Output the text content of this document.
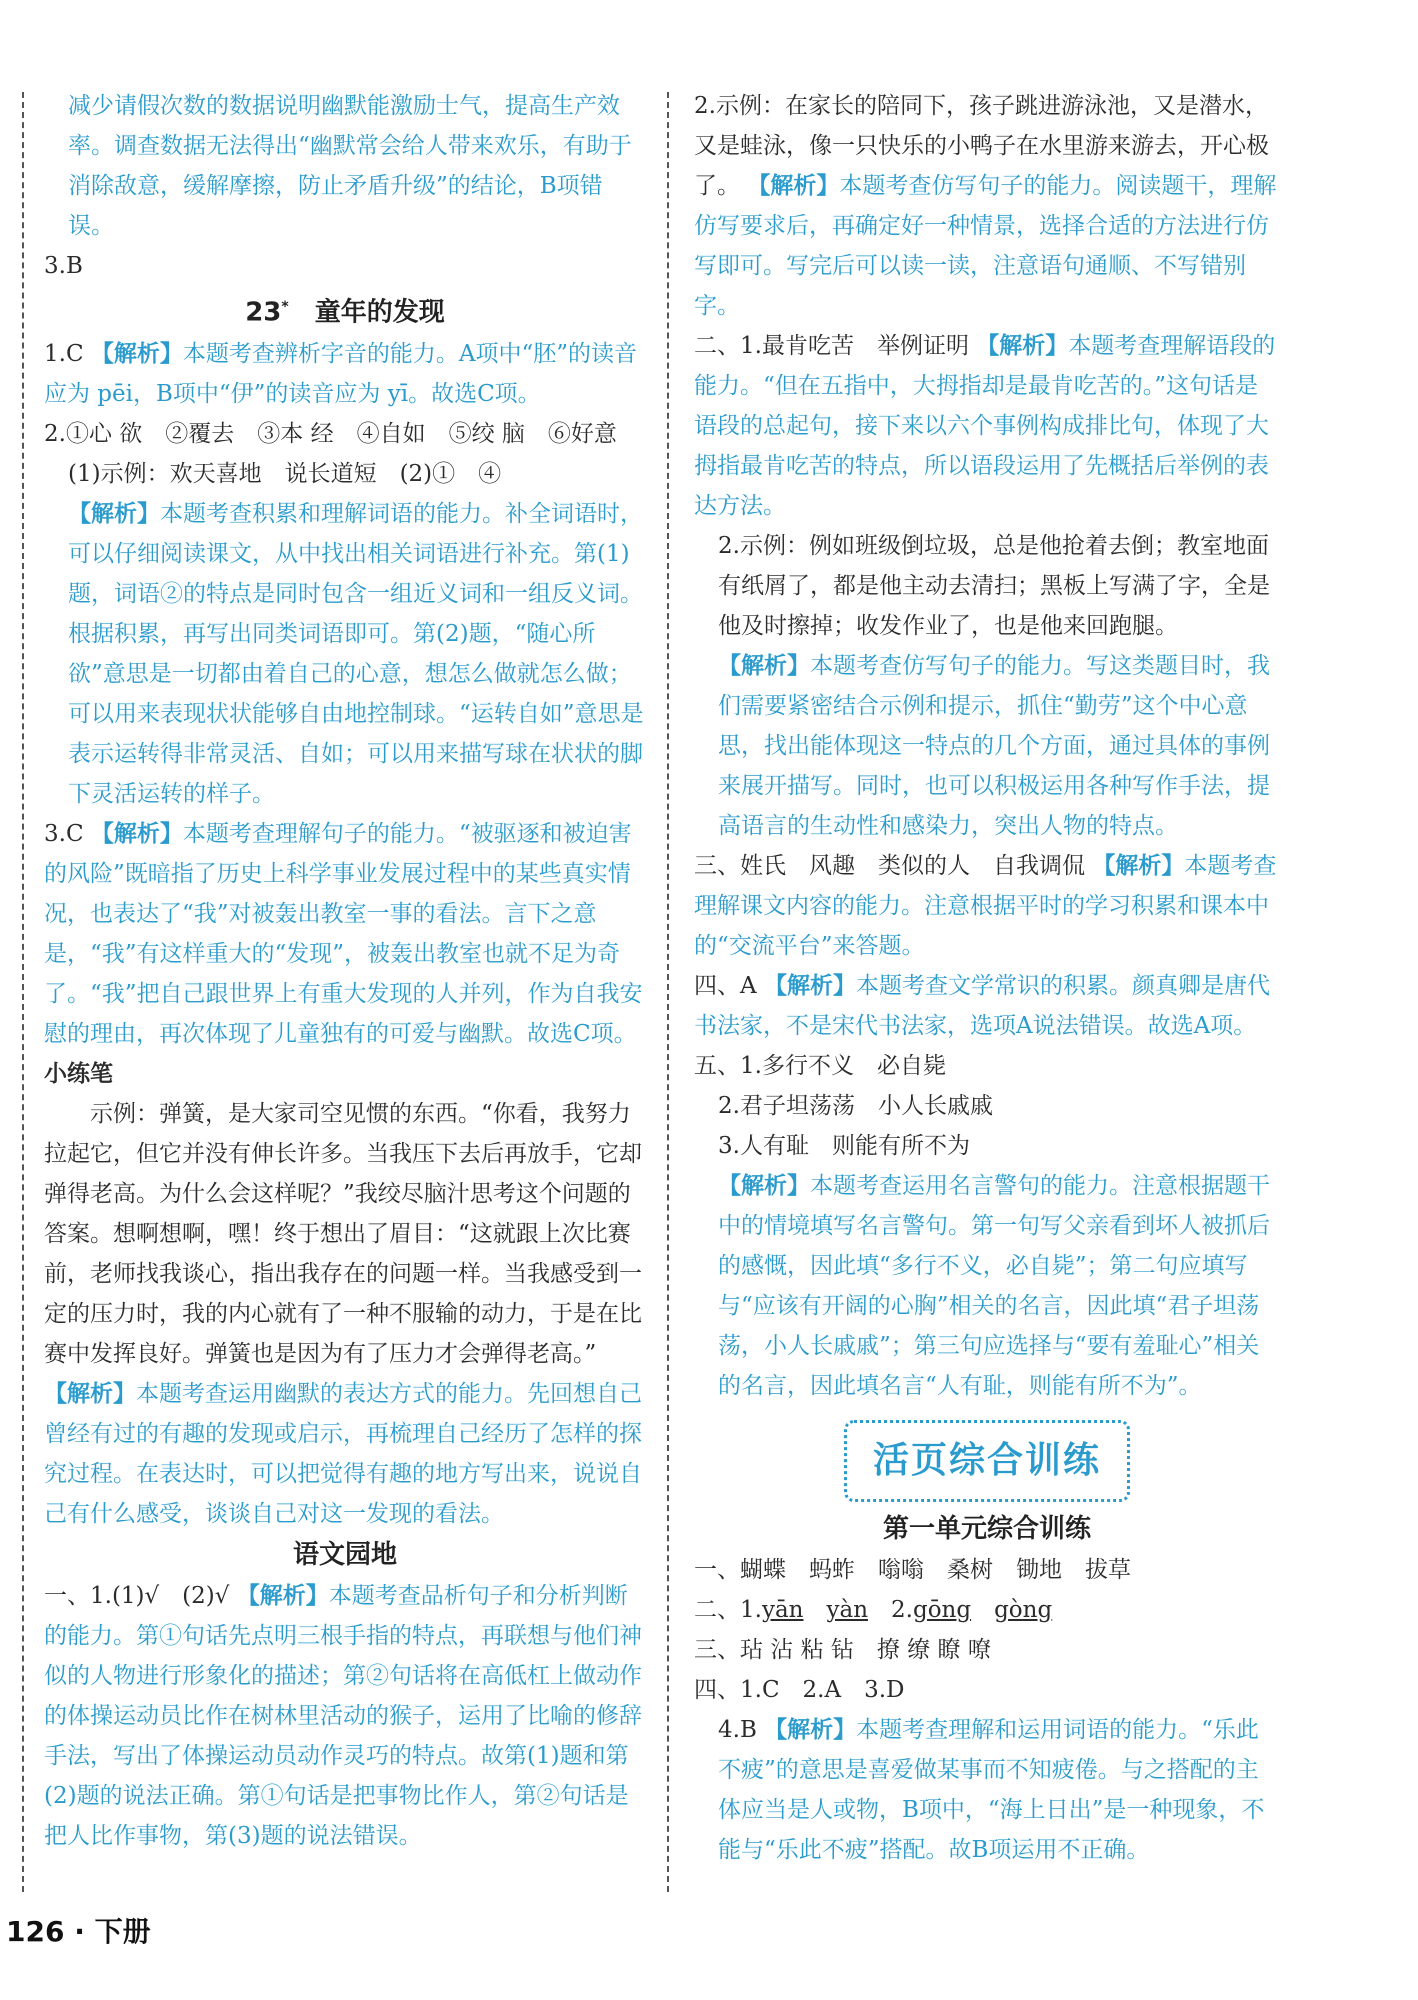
减少请假次数的数据说明幽默能激励士气，提高生产效率。调查数据无法得出“幽默常会给人带来欢乐，有助于消除敌意，缓解摩擦，防止矛盾升级”的结论，B项错误。

3.B

23*　 童年的发现

1.C 【解析】本题考查辨析字音的能力。A项中“胚”的读音应为 pēi，B项中“伊”的读音应为 yī。故选C项。

2.①心 欲　②覆去　③本 经　④自如　⑤绞 脑　⑥好意

(1)示例：欢天喜地　说长道短　(2)①　④

【解析】本题考查积累和理解词语的能力。补全词语时，可以仔细阅读课文，从中找出相关词语进行补充。第(1)题，词语②的特点是同时包含一组近义词和一组反义词。根据积累，再写出同类词语即可。第(2)题，“随心所欲”意思是一切都由着自己的心意，想怎么做就怎么做；可以用来表现状状能够自由地控制球。“运转自如”意思是表示运转得非常灵活、自如；可以用来描写球在状状的脚下灵活运转的样子。

3.C 【解析】本题考查理解句子的能力。“被驱逐和被迫害的风险”既暗指了历史上科学事业发展过程中的某些真实情况，也表达了“我”对被轰出教室一事的看法。言下之意是，“我”有这样重大的“发现”，被轰出教室也就不足为奇了。“我”把自己跟世界上有重大发现的人并列，作为自我安慰的理由，再次体现了儿童独有的可爱与幽默。故选C项。

小练笔

示例：弹簧，是大家司空见惯的东西。“你看，我努力拉起它，但它并没有伸长许多。当我压下去后再放手，它却弹得老高。为什么会这样呢？”我绞尽脑汁思考这个问题的答案。想啊想啊，嘿！终于想出了眉目：“这就跟上次比赛前，老师找我谈心，指出我存在的问题一样。当我感受到一定的压力时，我的内心就有了一种不服输的动力，于是在比赛中发挥良好。弹簧也是因为有了压力才会弹得老高。”

【解析】本题考查运用幽默的表达方式的能力。先回想自己曾经有过的有趣的发现或启示，再梳理自己经历了怎样的探究过程。在表达时，可以把觉得有趣的地方写出来，说说自己有什么感受，谈谈自己对这一发现的看法。

语文园地

一、1.(1)√　(2)√ 【解析】本题考查品析句子和分析判断的能力。第①句话先点明三根手指的特点，再联想与他们神似的人物进行形象化的描述；第②句话将在高低杠上做动作的体操运动员比作在树林里活动的猴子，运用了比喻的修辞手法，写出了体操运动员动作灵巧的特点。故第(1)题和第(2)题的说法正确。第①句话是把事物比作人，第②句话是把人比作事物，第(3)题的说法错误。

2.示例：在家长的陪同下，孩子跳进游泳池，又是潜水，又是蛙泳，像一只快乐的小鸭子在水里游来游去，开心极了。 【解析】本题考查仿写句子的能力。阅读题干，理解仿写要求后，再确定好一种情景，选择合适的方法进行仿写即可。写完后可以读一读，注意语句通顺、不写错别字。

二、1.最肯吃苦　举例证明 【解析】本题考查理解语段的能力。“但在五指中，大拇指却是最肯吃苦的。”这句话是语段的总起句，接下来以六个事例构成排比句，体现了大拇指最肯吃苦的特点，所以语段运用了先概括后举例的表达方法。

2.示例：例如班级倒垃圾，总是他抢着去倒；教室地面有纸屑了，都是他主动去清扫；黑板上写满了字，全是他及时擦掉；收发作业了，也是他来回跑腿。

【解析】本题考查仿写句子的能力。写这类题目时，我们需要紧密结合示例和提示，抓住“勤劳”这个中心意思，找出能体现这一特点的几个方面，通过具体的事例来展开描写。同时，也可以积极运用各种写作手法，提高语言的生动性和感染力，突出人物的特点。

三、姓氏　风趣　类似的人　自我调侃 【解析】本题考查理解课文内容的能力。注意根据平时的学习积累和课本中的“交流平台”来答题。

四、A 【解析】本题考查文学常识的积累。颜真卿是唐代书法家，不是宋代书法家，选项A说法错误。故选A项。

五、1.多行不义　必自毙

2.君子坦荡荡　小人长戚戚

3.人有耻　则能有所不为

【解析】本题考查运用名言警句的能力。注意根据题干中的情境填写名言警句。第一句写父亲看到坏人被抓后的感慨，因此填“多行不义，必自毙”；第二句应填写与“应该有开阔的心胸”相关的名言，因此填“君子坦荡荡，小人长戚戚”；第三句应选择与“要有羞耻心”相关的名言，因此填名言“人有耻，则能有所不为”。

活页综合训练

第一单元综合训练

一、蝴蝶　蚂蚱　嗡嗡　桑树　锄地　拔草

二、1.yān　 yàn　 2.gōng　 gòng

三、玷 沾 粘 钻　撩 缭 瞭 嘹

四、1.C　2.A　3.D

4.B 【解析】本题考查理解和运用词语的能力。“乐此不疲”的意思是喜爱做某事而不知疲倦。与之搭配的主体应当是人或物，B项中，“海上日出”是一种现象，不能与“乐此不疲”搭配。故B项运用不正确。

126 · 下册
